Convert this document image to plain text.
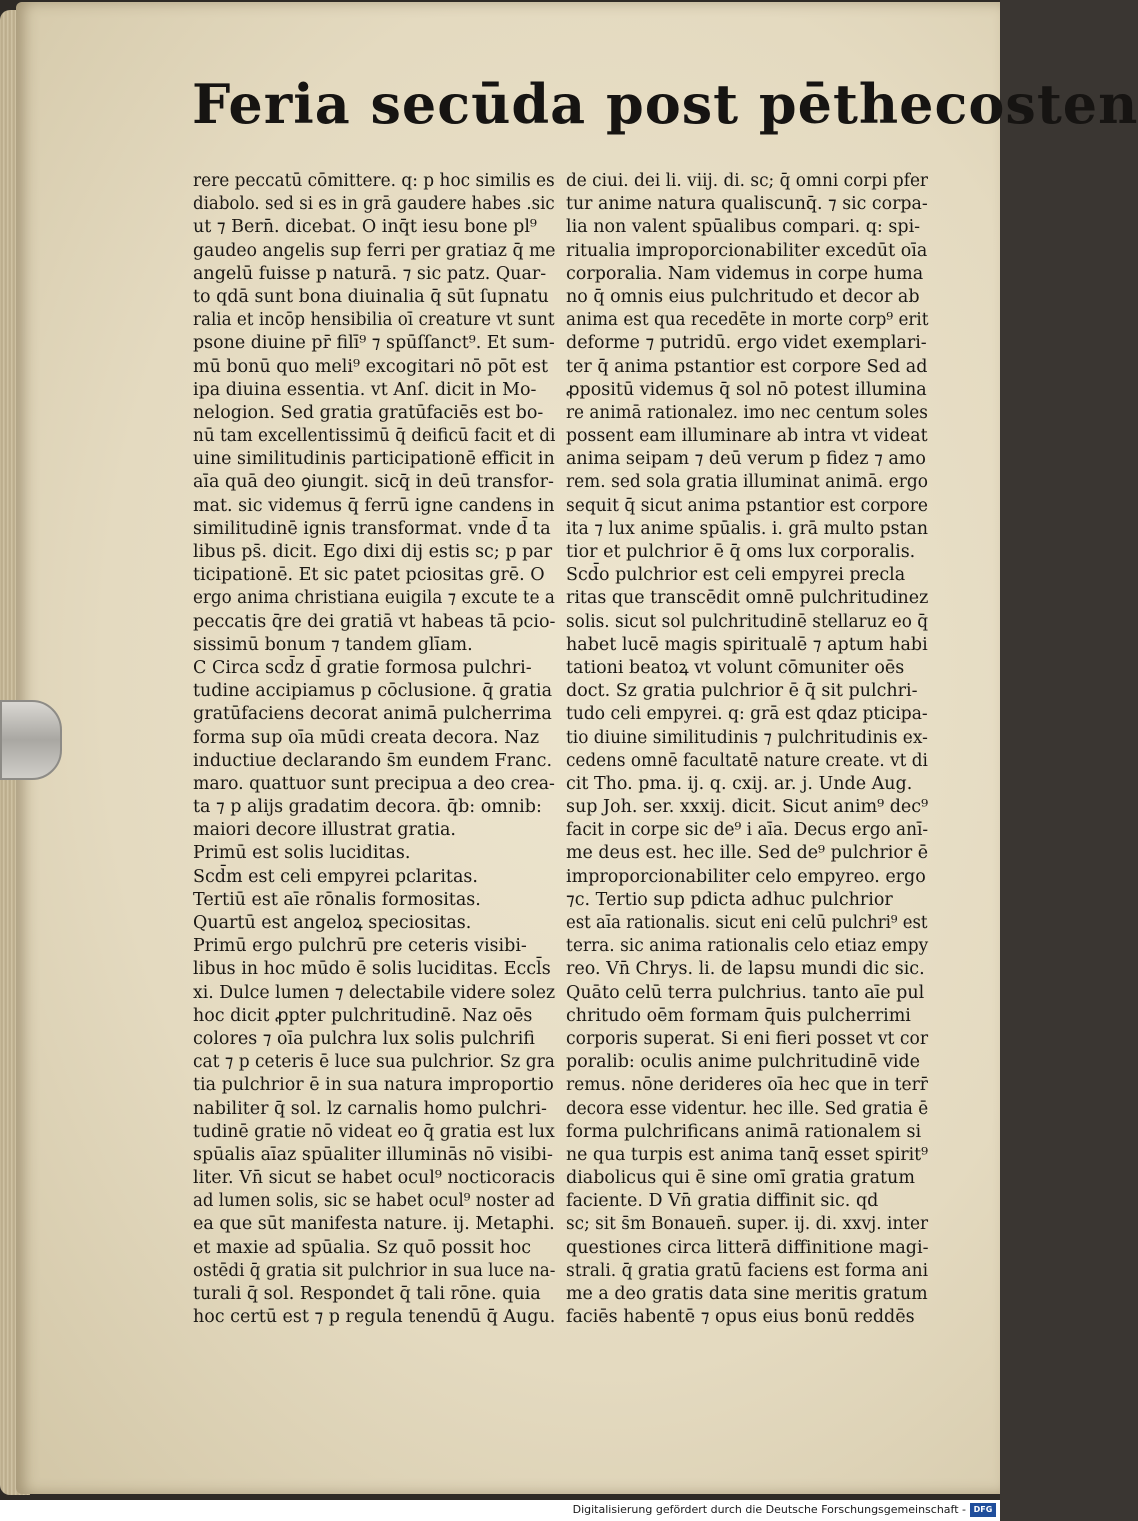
Feria secūda post pēthecosten
rere peccatū cōmittere. q: p hoc similis es
diabolo. sed si es in grā gaudere habes .sic
ut ⁊ Bern̄. dicebat. O inq̄t iesu bone pl⁹
gaudeo angelis sup ferri per gratiaz q̄ me
angelū fuisse p naturā. ⁊ sic patz. Quar-
to qdā sunt bona diuinalia q̄ sūt ſupnatu
ralia et incōp hensibilia oī creature vt sunt
psone diuine pr̄ filī⁹ ⁊ spūſſanct⁹. Et sum-
mū bonū quo meli⁹ excogitari nō pōt est
ipa diuina essentia. vt Anſ. dicit in Mo-
nelogion. Sed gratia gratūfaciēs est bo-
nū tam excellentissimū q̄ deificū facit et di
uine similitudinis participationē efficit in
aīa quā deo ꝯiungit. sicq̄ in deū transfor-
mat. sic videmus q̄ ferrū igne candens in
similitudinē ignis transformat. vnde d̄ ta
libus ps̄. dicit. Ego dixi dij estis sc; p par
ticipationē. Et sic patet pciositas grē. O
ergo anima christiana euigila ⁊ excute te a
peccatis q̄re dei gratiā vt habeas tā pcio-
sissimū bonum ⁊ tandem glīam.
C Circa scd̄z d̄ gratie formosa pulchri-
tudine accipiamus p cōclusione. q̄ gratia
gratūfaciens decorat animā pulcherrima
forma sup oīa mūdi creata decora. Naz
inductiue declarando s̄m eundem Franc.
maro. quattuor sunt precipua a deo crea-
ta ⁊ p alijs gradatim decora. q̄b: omnib:
maiori decore illustrat gratia.
Primū est solis luciditas.
Scd̄m est celi empyrei pclaritas.
Tertiū est aīe rōnalis formositas.
Quartū est angeloꝝ speciositas.
Primū ergo pulchrū pre ceteris visibi-
libus in hoc mūdo ē solis luciditas. Eccl̄s
xi. Dulce lumen ⁊ delectabile videre solez
hoc dicit ꝓpter pulchritudinē. Naz oēs
colores ⁊ oīa pulchra lux solis pulchrifi
cat ⁊ p ceteris ē luce sua pulchrior. Sz gra
tia pulchrior ē in sua natura improportio
nabiliter q̄ sol. lz carnalis homo pulchri-
tudinē gratie nō videat eo q̄ gratia est lux
spūalis aīaz spūaliter illuminās nō visibi-
liter. Vn̄ sicut se habet ocul⁹ nocticoracis
ad lumen solis, sic se habet ocul⁹ noster ad
ea que sūt manifesta nature. ij. Metaphi.
et maxie ad spūalia. Sz quō possit hoc
ostēdi q̄ gratia sit pulchrior in sua luce na-
turali q̄ sol. Respondet q̄ tali rōne. quia
hoc certū est ⁊ p regula tenendū q̄ Augu.
de ciui. dei li. viij. di. sc; q̄ omni corpi pfer
tur anime natura qualiscunq̄. ⁊ sic corpa-
lia non valent spūalibus compari. q: spi-
ritualia improporcionabiliter excedūt oīa
corporalia. Nam videmus in corpe huma
no q̄ omnis eius pulchritudo et decor ab
anima est qua recedēte in morte corp⁹ erit
deforme ⁊ putridū. ergo videt exemplari-
ter q̄ anima pstantior est corpore Sed ad
ꝓpositū videmus q̄ sol nō potest illumina
re animā rationalez. imo nec centum soles
possent eam illuminare ab intra vt videat
anima seipam ⁊ deū verum p fidez ⁊ amo
rem. sed sola gratia illuminat animā. ergo
sequit q̄ sicut anima pstantior est corpore
ita ⁊ lux anime spūalis. i. grā multo pstan
tior et pulchrior ē q̄ oms lux corporalis.
Scd̄o pulchrior est celi empyrei precla
ritas que transcēdit omnē pulchritudinez
solis. sicut sol pulchritudinē stellaruz eo q̄
habet lucē magis spiritualē ⁊ aptum habi
tationi beatoꝝ vt volunt cōmuniter oēs
doct. Sz gratia pulchrior ē q̄ sit pulchri-
tudo celi empyrei. q: grā est qdaz pticipa-
tio diuine similitudinis ⁊ pulchritudinis ex-
cedens omnē facultatē nature create. vt di
cit Tho. pma. ij. q. cxij. ar. j. Unde Aug.
sup Joh. ser. xxxij. dicit. Sicut anim⁹ dec⁹
facit in corpe sic de⁹ i aīa. Decus ergo anī-
me deus est. hec ille. Sed de⁹ pulchrior ē
improporcionabiliter celo empyreo. ergo
⁊c. Tertio sup pdicta adhuc pulchrior
est aīa rationalis. sicut eni celū pulchri⁹ est
terra. sic anima rationalis celo etiaz empy
reo. Vn̄ Chrys. li. de lapsu mundi dic sic.
Quāto celū terra pulchrius. tanto aīe pul
chritudo oēm formam q̄uis pulcherrimi
corporis superat. Si eni fieri posset vt cor
poralib: oculis anime pulchritudinē vide
remus. nōne derideres oīa hec que in terr̄
decora esse videntur. hec ille. Sed gratia ē
forma pulchrificans animā rationalem si
ne qua turpis est anima tanq̄ esset spirit⁹
diabolicus qui ē sine omī gratia gratum
faciente. D Vn̄ gratia diffinit sic. qd
sc; sit s̄m Bonauen̄. super. ij. di. xxvj. inter
questiones circa litterā diffinitione magi-
strali. q̄ gratia gratū faciens est forma ani
me a deo gratis data sine meritis gratum
faciēs habentē ⁊ opus eius bonū reddēs
Digitalisierung gefördert durch die Deutsche Forschungsgemeinschaft - DFG
